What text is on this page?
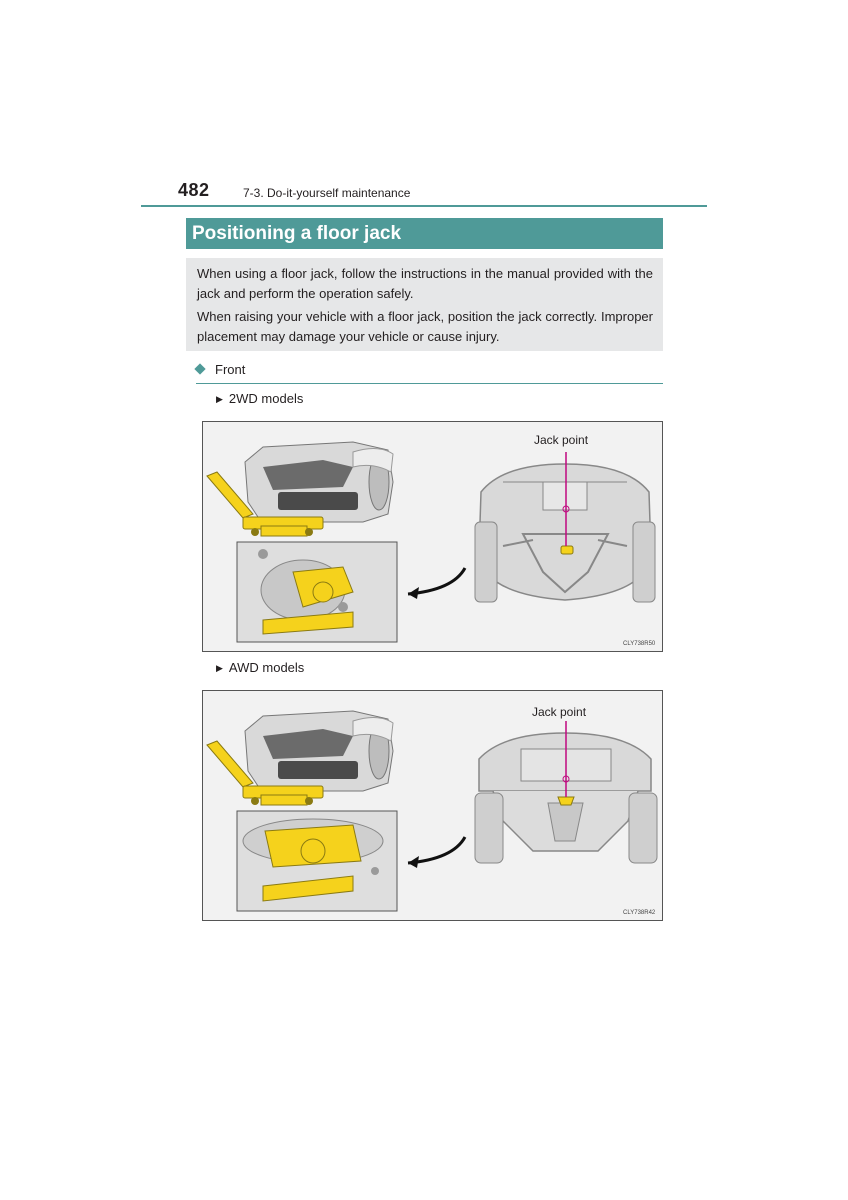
482	7-3. Do-it-yourself maintenance
Positioning a floor jack

When using a floor jack, follow the instructions in the manual provided with the jack and perform the operation safely.

When raising your vehicle with a floor jack, position the jack correctly. Improper placement may damage your vehicle or cause injury.

Front
▶ 2WD models
Jack point
CLY738R50
▶ AWD models
Jack point
CLY738R42
